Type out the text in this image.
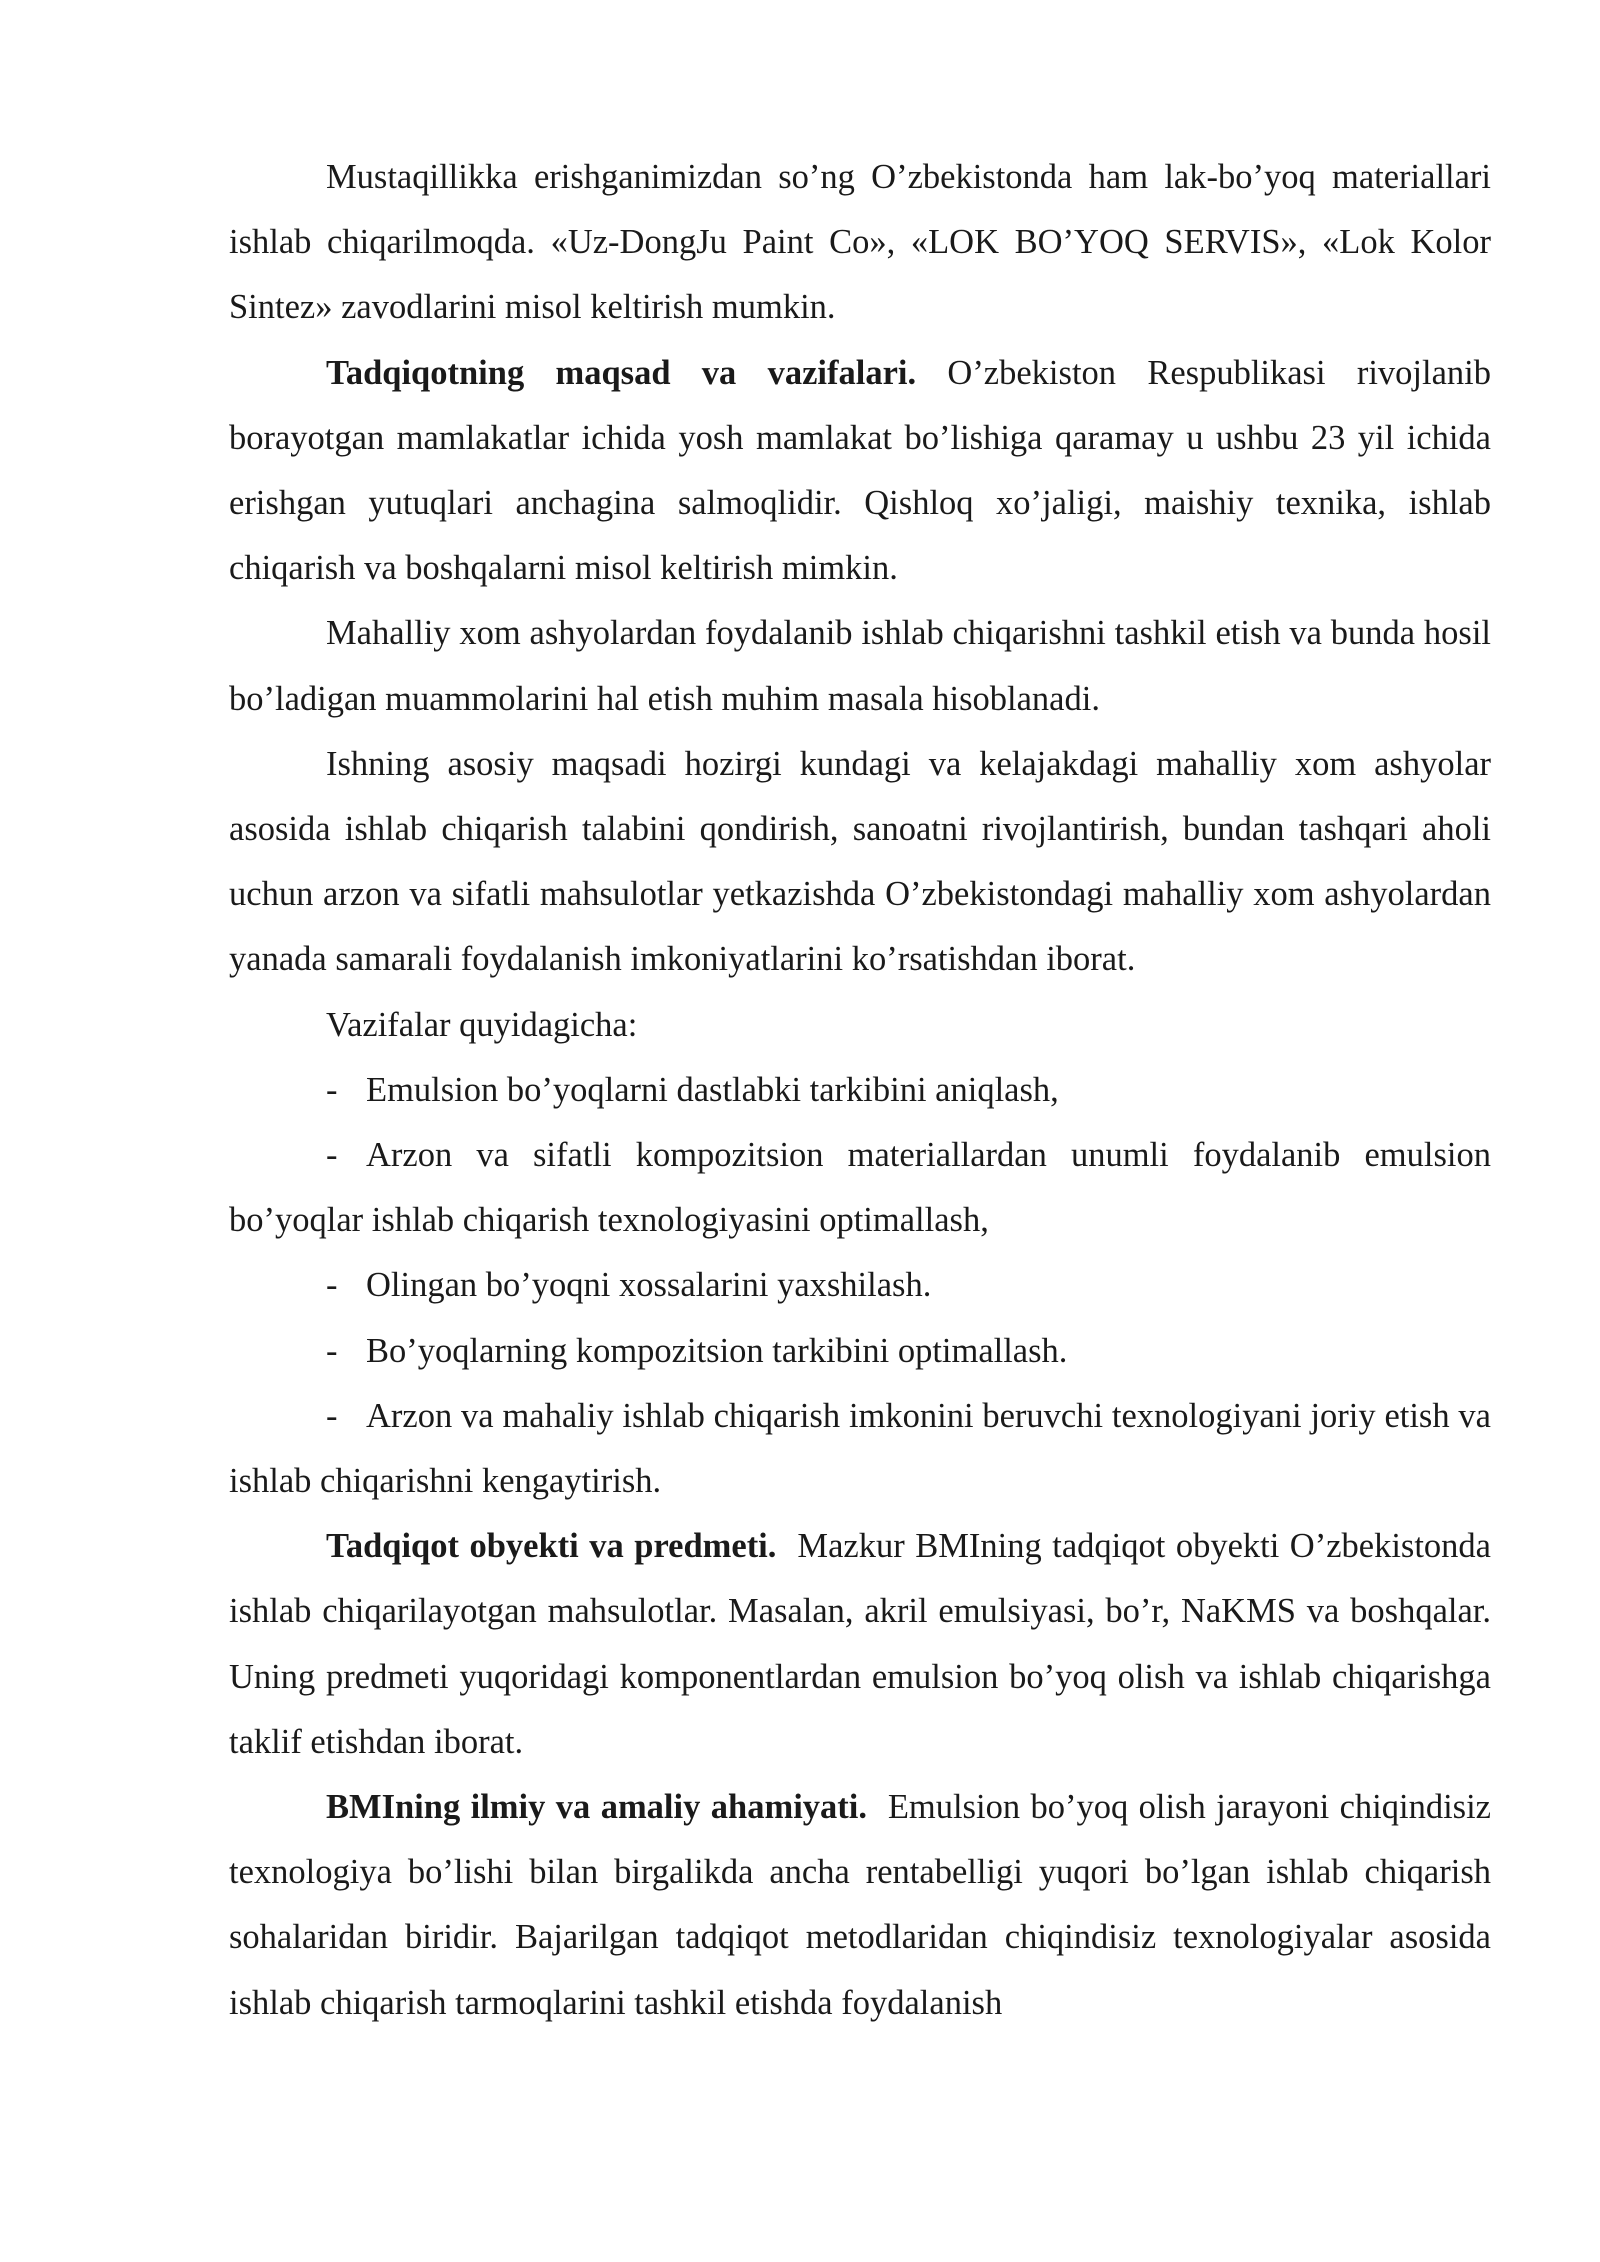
Mustaqillikka erishganimizdan so’ng O’zbekistonda ham lak-bo’yoq materiallari ishlab chiqarilmoqda. «Uz-DongJu Paint Co», «LOK BO’YOQ SERVIS», «Lok Kolor Sintez» zavodlarini misol keltirish mumkin.

Tadqiqotning maqsad va vazifalari. O’zbekiston Respublikasi rivojlanib borayotgan mamlakatlar ichida yosh mamlakat bo’lishiga qaramay u ushbu 23 yil ichida erishgan yutuqlari anchagina salmoqlidir. Qishloq xo’jaligi, maishiy texnika, ishlab chiqarish va boshqalarni misol keltirish mimkin.

Mahalliy xom ashyolardan foydalanib ishlab chiqarishni tashkil etish va bunda hosil bo’ladigan muammolarini hal etish muhim masala hisoblanadi.

Ishning asosiy maqsadi hozirgi kundagi va kelajakdagi mahalliy xom ashyolar asosida ishlab chiqarish talabini qondirish, sanoatni rivojlantirish, bundan tashqari aholi uchun arzon va sifatli mahsulotlar yetkazishda O’zbekistondagi mahalliy xom ashyolardan yanada samarali foydalanish imkoniyatlarini ko’rsatishdan iborat.

Vazifalar quyidagicha:

- Emulsion bo’yoqlarni dastlabki tarkibini aniqlash,

- Arzon va sifatli kompozitsion materiallardan unumli foydalanib emulsion bo’yoqlar ishlab chiqarish texnologiyasini optimallash,

- Olingan bo’yoqni xossalarini yaxshilash.

- Bo’yoqlarning kompozitsion tarkibini optimallash.

- Arzon va mahaliy ishlab chiqarish imkonini beruvchi texnologiyani joriy etish va ishlab chiqarishni kengaytirish.

Tadqiqot obyekti va predmeti.  Mazkur BMIning tadqiqot obyekti O’zbekistonda ishlab chiqarilayotgan mahsulotlar. Masalan, akril emulsiyasi, bo’r, NaKMS va boshqalar. Uning predmeti yuqoridagi komponentlardan emulsion bo’yoq olish va ishlab chiqarishga taklif etishdan iborat.

BMIning ilmiy va amaliy ahamiyati.  Emulsion bo’yoq olish jarayoni chiqindisiz texnologiya bo’lishi bilan birgalikda ancha rentabelligi yuqori bo’lgan ishlab chiqarish sohalaridan biridir. Bajarilgan tadqiqot metodlaridan chiqindisiz texnologiyalar asosida ishlab chiqarish tarmoqlarini tashkil etishda foydalanish
